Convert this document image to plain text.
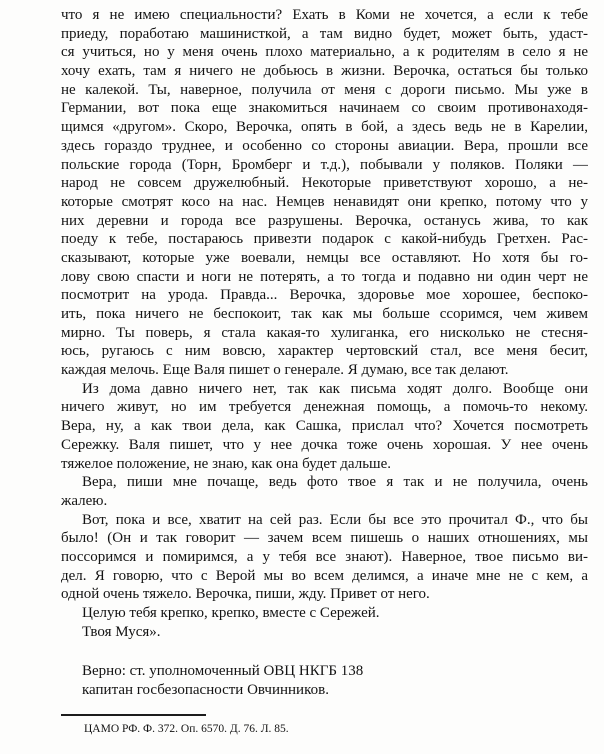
что я не имею специальности? Ехать в Коми не хочется, а если к тебе
приеду, поработаю машинисткой, а там видно будет, может быть, удаст-
ся учиться, но у меня очень плохо материально, а к родителям в село я не
хочу ехать, там я ничего не добьюсь в жизни. Верочка, остаться бы только
не калекой. Ты, наверное, получила от меня с дороги письмо. Мы уже в
Германии, вот пока еще знакомиться начинаем со своим противонаходя-
щимся «другом». Скоро, Верочка, опять в бой, а здесь ведь не в Карелии,
здесь гораздо труднее, и особенно со стороны авиации. Вера, прошли все
польские города (Торн, Бромберг и т.д.), побывали у поляков. Поляки —
народ не совсем дружелюбный. Некоторые приветствуют хорошо, а не-
которые смотрят косо на нас. Немцев ненавидят они крепко, потому что у
них деревни и города все разрушены. Верочка, останусь жива, то как
поеду к тебе, постараюсь привезти подарок с какой-нибудь Гретхен. Рас-
сказывают, которые уже воевали, немцы все оставляют. Но хотя бы го-
лову свою спасти и ноги не потерять, а то тогда и подавно ни один черт не
посмотрит на урода. Правда... Верочка, здоровье мое хорошее, беспоко-
ить, пока ничего не беспокоит, так как мы больше ссоримся, чем живем
мирно. Ты поверь, я стала какая-то хулиганка, его нисколько не стесня-
юсь, ругаюсь с ним вовсю, характер чертовский стал, все меня бесит,
каждая мелочь. Еще Валя пишет о генерале. Я думаю, все так делают.
Из дома давно ничего нет, так как письма ходят долго. Вообще они
ничего живут, но им требуется денежная помощь, а помочь-то некому.
Вера, ну, а как твои дела, как Сашка, прислал что? Хочется посмотреть
Сережку. Валя пишет, что у нее дочка тоже очень хорошая. У нее очень
тяжелое положение, не знаю, как она будет дальше.
Вера, пиши мне почаще, ведь фото твое я так и не получила, очень
жалею.
Вот, пока и все, хватит на сей раз. Если бы все это прочитал Ф., что бы
было! (Он и так говорит — зачем всем пишешь о наших отношениях, мы
поссоримся и помиримся, а у тебя все знают). Наверное, твое письмо ви-
дел. Я говорю, что с Верой мы во всем делимся, а иначе мне не с кем, а
одной очень тяжело. Верочка, пиши, жду. Привет от него.
Целую тебя крепко, крепко, вместе с Сережей.
Твоя Муся».
Верно: ст. уполномоченный ОВЦ НКГБ 138
капитан госбезопасности Овчинников.
ЦАМО РФ. Ф. 372. Оп. 6570. Д. 76. Л. 85.
